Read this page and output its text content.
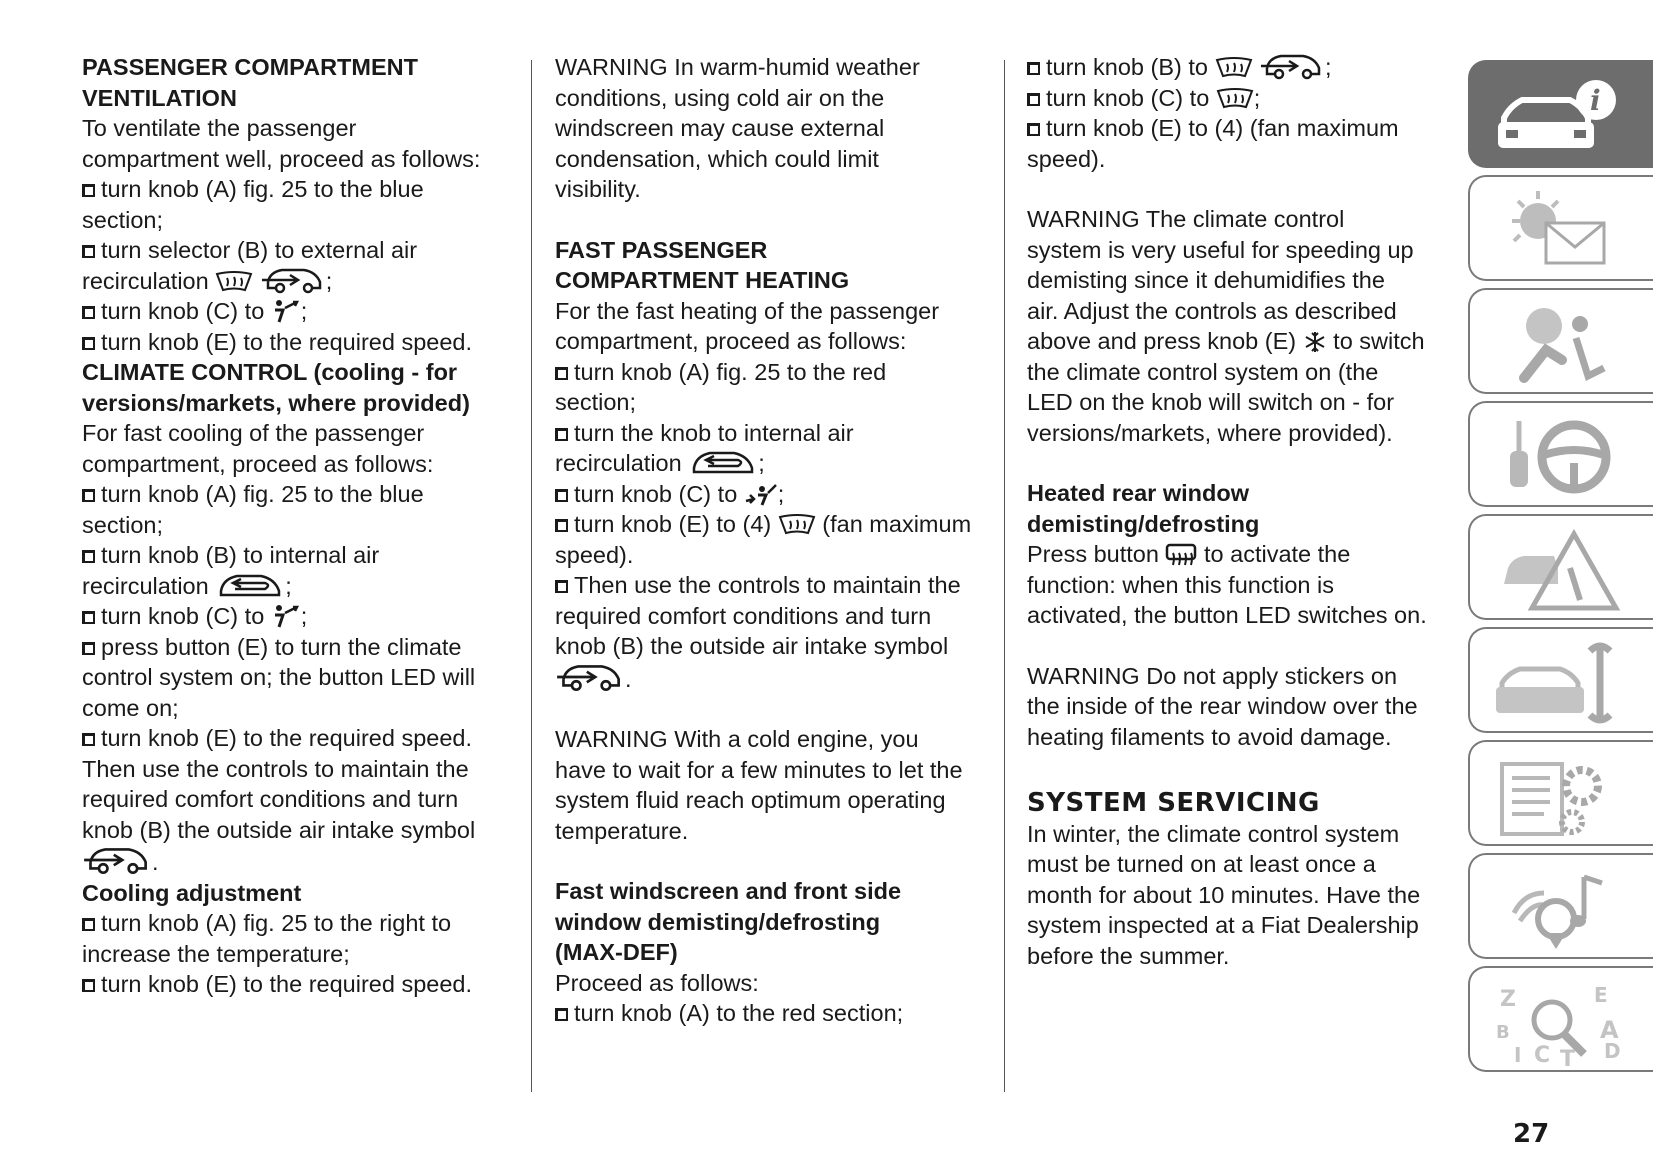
PASSENGER COMPARTMENT
VENTILATION
To ventilate the passenger
compartment well, proceed as follows:
turn knob (A) fig. 25 to the blue
section;
turn selector (B) to external air
recirculation	;
turn knob (C) to ;
turn knob (E) to the required speed.
CLIMATE CONTROL (cooling - for
versions/markets, where provided)
For fast cooling of the passenger
compartment, proceed as follows:
turn knob (A) fig. 25 to the blue
section;
turn knob (B) to internal air
recirculation	;
turn knob (C) to ;
press button (E) to turn the climate
control system on; the button LED will
come on;
turn knob (E) to the required speed.
Then use the controls to maintain the
required comfort conditions and turn
knob (B) the outside air intake symbol
.
Cooling adjustment
turn knob (A) fig. 25 to the right to
increase the temperature;
turn knob (E) to the required speed.
WARNING In warm-humid weather
conditions, using cold air on the
windscreen may cause external
condensation, which could limit
visibility.
FAST PASSENGER
COMPARTMENT HEATING
For the fast heating of the passenger
compartment, proceed as follows:
turn knob (A) fig. 25 to the red
section;
turn the knob to internal air
recirculation	;
turn knob (C) to ;
turn knob (E) to (4) (fan maximum
speed).
Then use the controls to maintain the
required comfort conditions and turn
knob (B) the outside air intake symbol
.
WARNING With a cold engine, you
have to wait for a few minutes to let the
system fluid reach optimum operating
temperature.
Fast windscreen and front side
window demisting/defrosting
(MAX-DEF)
Proceed as follows:
turn knob (A) to the red section;
turn knob (B) to	;
turn knob (C) to ;
turn knob (E) to (4) (fan maximum
speed).
WARNING The climate control
system is very useful for speeding up
demisting since it dehumidifies the
air. Adjust the controls as described
above and press knob (E) to switch
the climate control system on (the
LED on the knob will switch on - for
versions/markets, where provided).
Heated rear window
demisting/defrosting
Press button to activate the
function: when this function is
activated, the button LED switches on.
WARNING Do not apply stickers on
the inside of the rear window over the
heating filaments to avoid damage.
SYSTEM SERVICING
In winter, the climate control system
must be turned on at least once a
month for about 10 minutes. Have the
system inspected at a Fiat Dealership
before the summer.
i
Z	E
B	A
I C T D
27
